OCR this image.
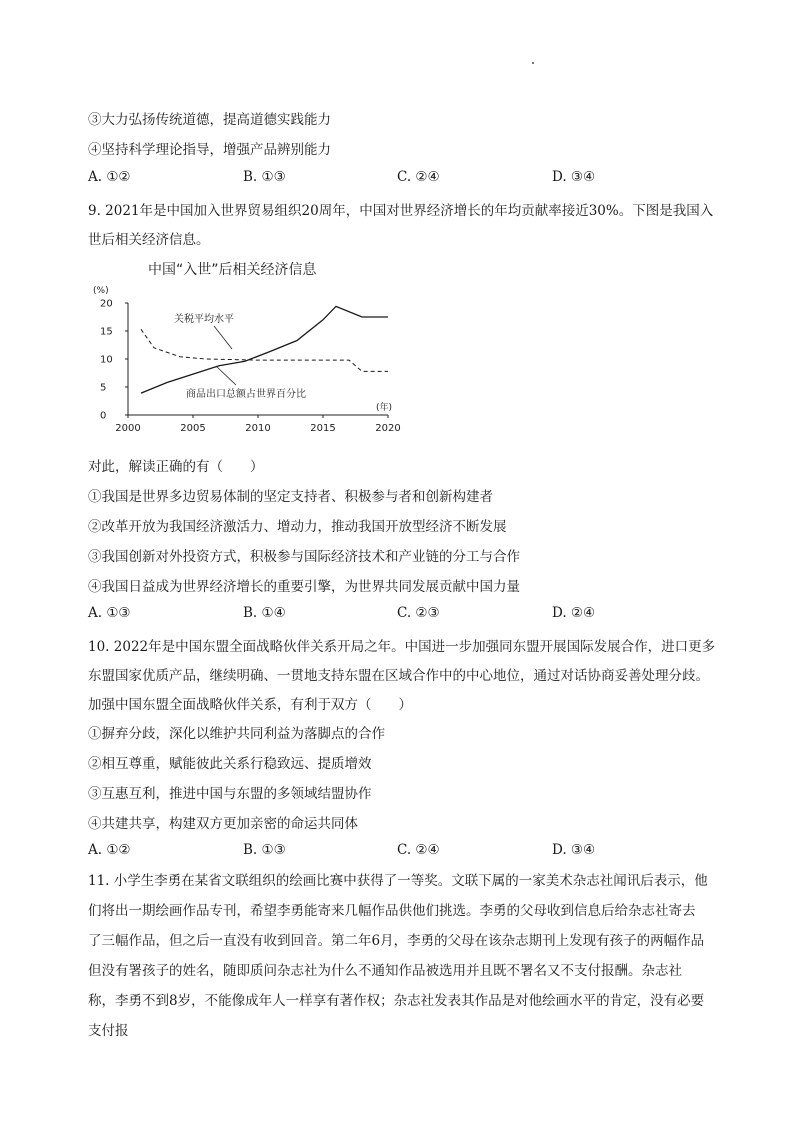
③大力弘扬传统道德，提高道德实践能力
④坚持科学理论指导，增强产品辨别能力
A. ①②	B. ①③	C. ②④	D. ③④
9. 2021年是中国加入世界贸易组织20周年，中国对世界经济增长的年均贡献率接近30%。下图是我国入
世后相关经济信息。
中国“入世”后相关经济信息
(%)
0
5
10
15
20
2000	2005	2010	2015	2020
(年)
关税平均水平
商品出口总额占世界百分比
对此，解读正确的有（　　）
①我国是世界多边贸易体制的坚定支持者、积极参与者和创新构建者
②改革开放为我国经济激活力、增动力，推动我国开放型经济不断发展
③我国创新对外投资方式，积极参与国际经济技术和产业链的分工与合作
④我国日益成为世界经济增长的重要引擎，为世界共同发展贡献中国力量
A. ①③	B. ①④	C. ②③	D. ②④
10. 2022年是中国东盟全面战略伙伴关系开局之年。中国进一步加强同东盟开展国际发展合作，进口更多
东盟国家优质产品，继续明确、一贯地支持东盟在区域合作中的中心地位，通过对话协商妥善处理分歧。
加强中国东盟全面战略伙伴关系，有利于双方（　　）
①摒弃分歧，深化以维护共同利益为落脚点的合作
②相互尊重，赋能彼此关系行稳致远、提质增效
③互惠互利，推进中国与东盟的多领域结盟协作
④共建共享，构建双方更加亲密的命运共同体
A. ①②	B. ①③	C. ②④	D. ③④
11. 小学生李勇在某省文联组织的绘画比赛中获得了一等奖。文联下属的一家美术杂志社闻讯后表示，他们将出一期绘画作品专刊，希望李勇能寄来几幅作品供他们挑选。李勇的父母收到信息后给杂志社寄去了三幅作品，但之后一直没有收到回音。第二年6月，李勇的父母在该杂志期刊上发现有孩子的两幅作品但没有署孩子的姓名，随即质问杂志社为什么不通知作品被选用并且既不署名又不支付报酬。杂志社称，李勇不到8岁，不能像成年人一样享有著作权；杂志社发表其作品是对他绘画水平的肯定，没有必要支付报
